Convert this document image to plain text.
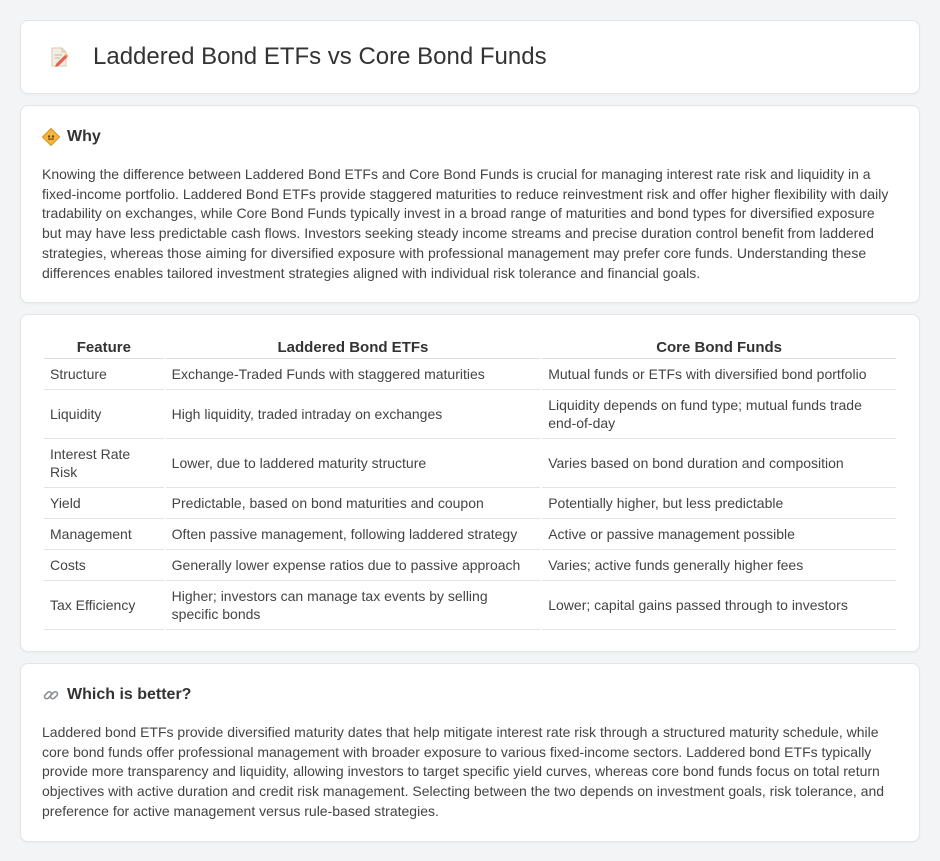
Laddered Bond ETFs vs Core Bond Funds
Why

Knowing the difference between Laddered Bond ETFs and Core Bond Funds is crucial for managing interest rate risk and liquidity in a fixed-income portfolio. Laddered Bond ETFs provide staggered maturities to reduce reinvestment risk and offer higher flexibility with daily tradability on exchanges, while Core Bond Funds typically invest in a broad range of maturities and bond types for diversified exposure but may have less predictable cash flows. Investors seeking steady income streams and precise duration control benefit from laddered strategies, whereas those aiming for diversified exposure with professional management may prefer core funds. Understanding these differences enables tailored investment strategies aligned with individual risk tolerance and financial goals.

Feature	Laddered Bond ETFs	Core Bond Funds
Structure	Exchange-Traded Funds with staggered maturities	Mutual funds or ETFs with diversified bond portfolio
Liquidity	High liquidity, traded intraday on exchanges	Liquidity depends on fund type; mutual funds trade end-of-day
Interest Rate Risk	Lower, due to laddered maturity structure	Varies based on bond duration and composition
Yield	Predictable, based on bond maturities and coupon	Potentially higher, but less predictable
Management	Often passive management, following laddered strategy	Active or passive management possible
Costs	Generally lower expense ratios due to passive approach	Varies; active funds generally higher fees
Tax Efficiency	Higher; investors can manage tax events by selling specific bonds	Lower; capital gains passed through to investors
Which is better?

Laddered bond ETFs provide diversified maturity dates that help mitigate interest rate risk through a structured maturity schedule, while core bond funds offer professional management with broader exposure to various fixed-income sectors. Laddered bond ETFs typically provide more transparency and liquidity, allowing investors to target specific yield curves, whereas core bond funds focus on total return objectives with active duration and credit risk management. Selecting between the two depends on investment goals, risk tolerance, and preference for active management versus rule-based strategies.
